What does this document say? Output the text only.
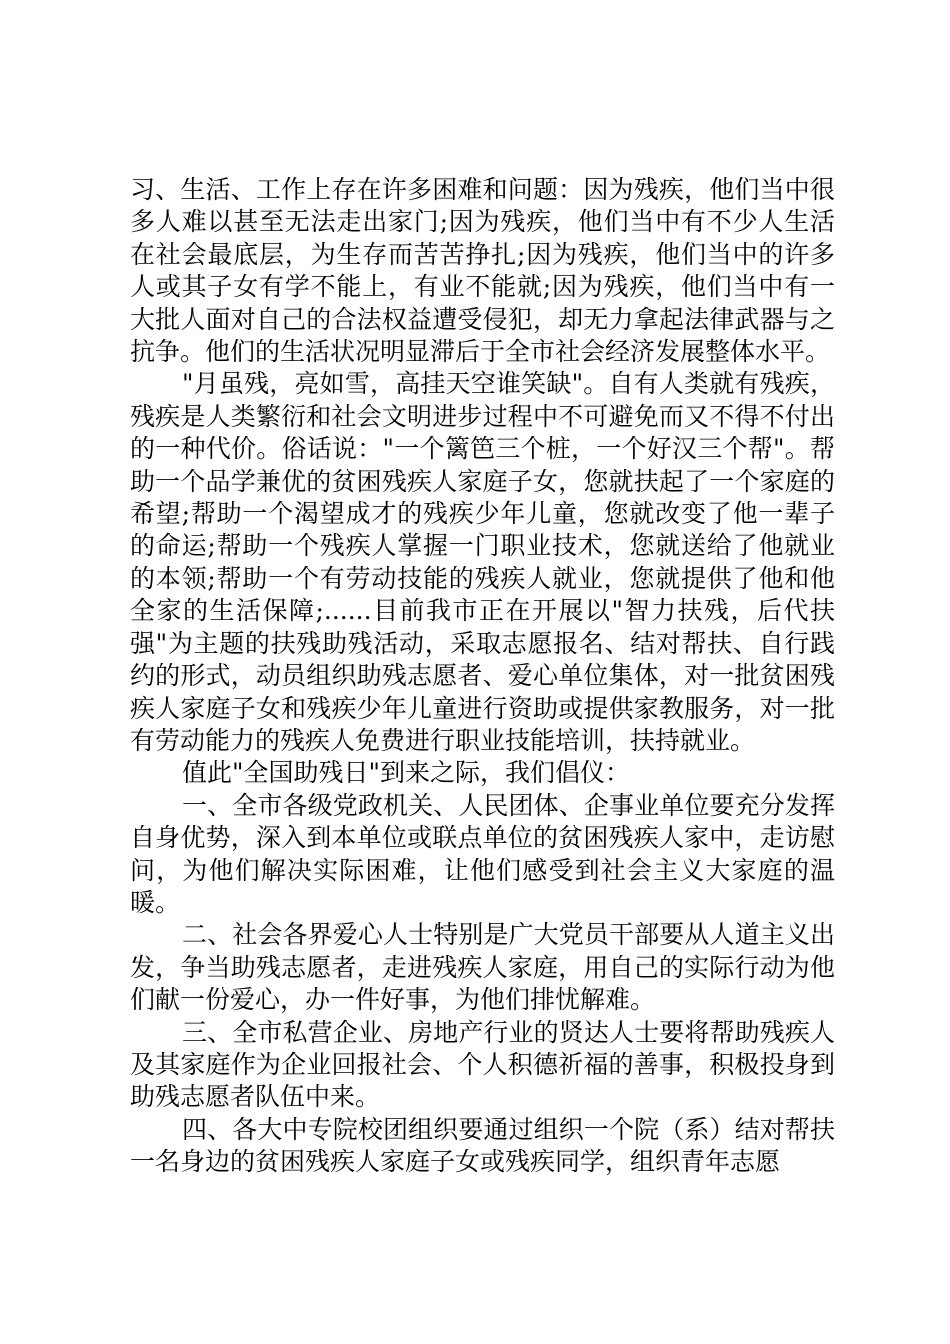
习、生活、工作上存在许多困难和问题：因为残疾，他们当中很多人难以甚至无法走出家门;因为残疾，他们当中有不少人生活在社会最底层，为生存而苦苦挣扎;因为残疾，他们当中的许多人或其子女有学不能上，有业不能就;因为残疾，他们当中有一大批人面对自己的合法权益遭受侵犯，却无力拿起法律武器与之抗争。他们的生活状况明显滞后于全市社会经济发展整体水平。

"月虽残，亮如雪，高挂天空谁笑缺"。自有人类就有残疾，残疾是人类繁衍和社会文明进步过程中不可避免而又不得不付出的一种代价。俗话说："一个篱笆三个桩，一个好汉三个帮"。帮助一个品学兼优的贫困残疾人家庭子女，您就扶起了一个家庭的希望;帮助一个渴望成才的残疾少年儿童，您就改变了他一辈子的命运;帮助一个残疾人掌握一门职业技术，您就送给了他就业的本领;帮助一个有劳动技能的残疾人就业，您就提供了他和他全家的生活保障;......目前我市正在开展以"智力扶残，后代扶强"为主题的扶残助残活动，采取志愿报名、结对帮扶、自行践约的形式，动员组织助残志愿者、爱心单位集体，对一批贫困残疾人家庭子女和残疾少年儿童进行资助或提供家教服务，对一批有劳动能力的残疾人免费进行职业技能培训，扶持就业。

值此"全国助残日"到来之际，我们倡仪：

一、全市各级党政机关、人民团体、企事业单位要充分发挥自身优势，深入到本单位或联点单位的贫困残疾人家中，走访慰问，为他们解决实际困难，让他们感受到社会主义大家庭的温暖。

二、社会各界爱心人士特别是广大党员干部要从人道主义出发，争当助残志愿者，走进残疾人家庭，用自己的实际行动为他们献一份爱心，办一件好事，为他们排忧解难。

三、全市私营企业、房地产行业的贤达人士要将帮助残疾人及其家庭作为企业回报社会、个人积德祈福的善事，积极投身到助残志愿者队伍中来。

四、各大中专院校团组织要通过组织一个院（系）结对帮扶一名身边的贫困残疾人家庭子女或残疾同学，组织青年志愿
